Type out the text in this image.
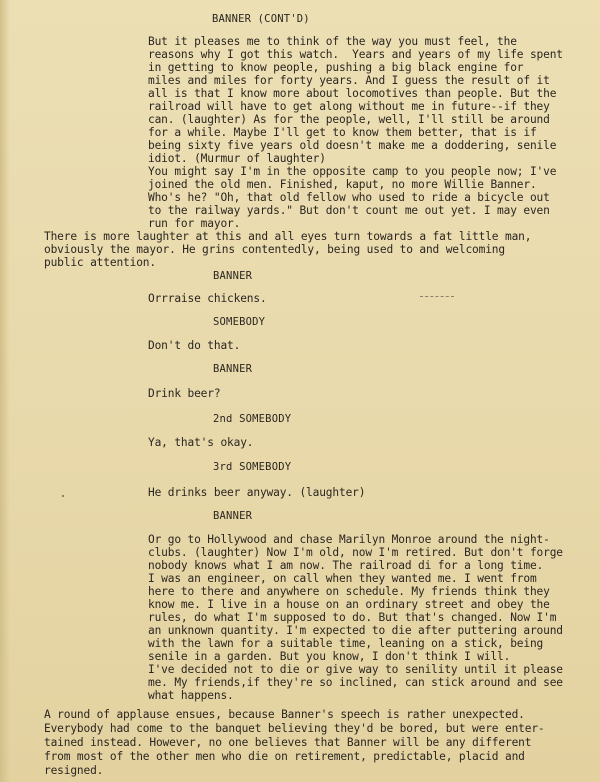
BANNER (CONT'D)
But it pleases me to think of the way you must feel, the
reasons why I got this watch.  Years and years of my life spent
in getting to know people, pushing a big black engine for
miles and miles for forty years. And I guess the result of it
all is that I know more about locomotives than people. But the
railroad will have to get along without me in future--if they
can. (laughter) As for the people, well, I'll still be around
for a while. Maybe I'll get to know them better, that is if
being sixty five years old doesn't make me a doddering, senile
idiot. (Murmur of laughter)
You might say I'm in the opposite camp to you people now; I've
joined the old men. Finished, kaput, no more Willie Banner.
Who's he? "Oh, that old fellow who used to ride a bicycle out
to the railway yards." But don't count me out yet. I may even
run for mayor.
There is more laughter at this and all eyes turn towards a fat little man,
obviously the mayor. He grins contentedly, being used to and welcoming
public attention.
BANNER
Orrraise chickens.
SOMEBODY
Don't do that.
BANNER
Drink beer?
2nd SOMEBODY
Ya, that's okay.
3rd SOMEBODY
He drinks beer anyway. (laughter)
BANNER
Or go to Hollywood and chase Marilyn Monroe around the night-
clubs. (laughter) Now I'm old, now I'm retired. But don't forge
nobody knows what I am now. The railroad di for a long time.
I was an engineer, on call when they wanted me. I went from
here to there and anywhere on schedule. My friends think they
know me. I live in a house on an ordinary street and obey the
rules, do what I'm supposed to do. But that's changed. Now I'm
an unknown quantity. I'm expected to die after puttering around
with the lawn for a suitable time, leaning on a stick, being
senile in a garden. But you know, I don't think I will.
I've decided not to die or give way to senility until it please
me. My friends,if they're so inclined, can stick around and see
what happens.
A round of applause ensues, because Banner's speech is rather unexpected.
Everybody had come to the banquet believing they'd be bored, but were enter-
tained instead. However, no one believes that Banner will be any different
from most of the other men who die on retirement, predictable, placid and
resigned.
